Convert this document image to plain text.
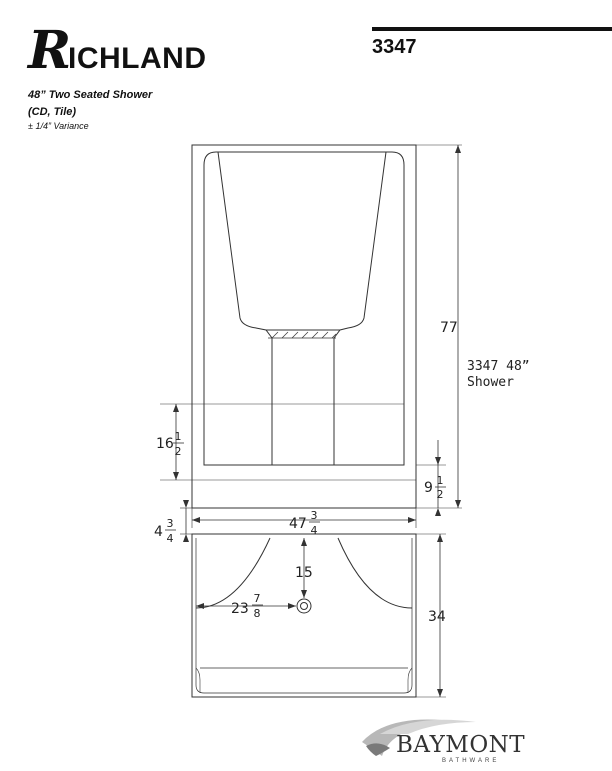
R
ICHLAND	3347
48” Two Seated Shower
(CD, Tile)
± 1/4” Variance
77
16 1
2
9 1
2
47
3
4
4
3
4
15
23
7
8	34
3347 48”
Shower
BAYMONT
BATHWARE
